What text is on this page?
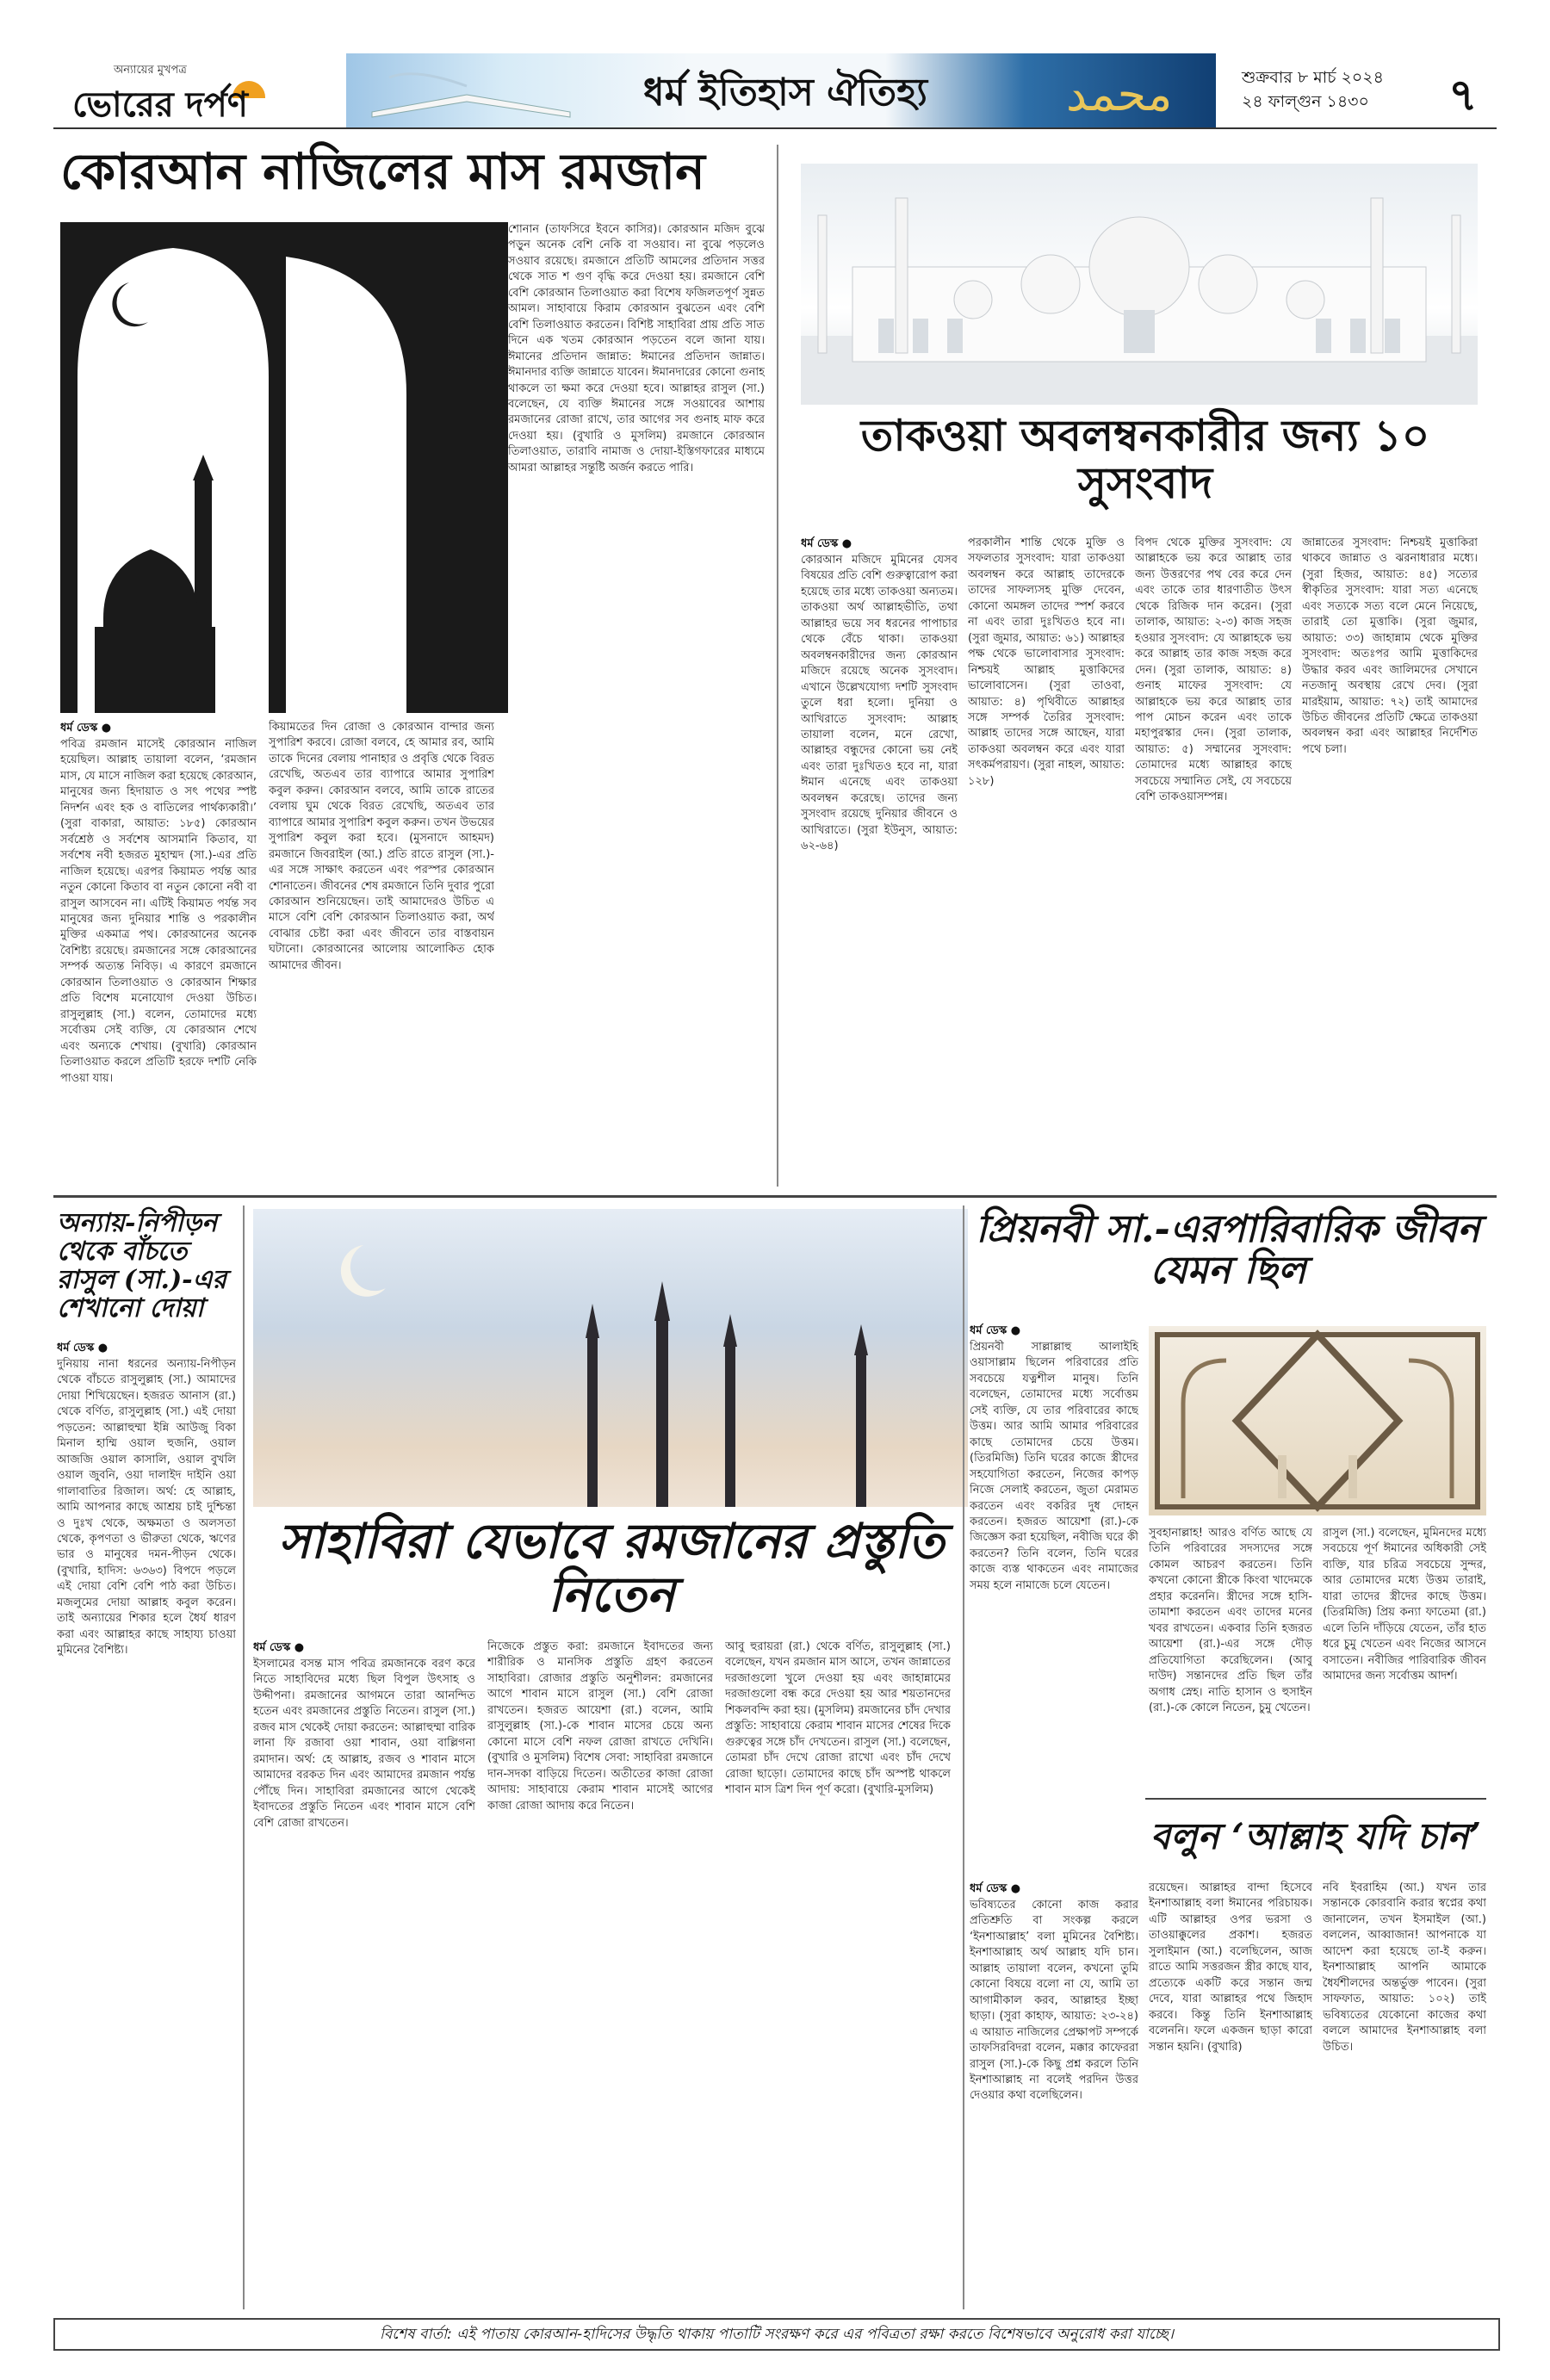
অন্যায়ের মুখপত্র
ভোরের দর্পণ	ধর্ম ইতিহাস ঐতিহ্য	محمد	শুক্রবার ৮ মার্চ ২০২৪
২৪ ফাল্গুন ১৪৩০ ৭
কোরআন নাজিলের মাস রমজান
ধর্ম ডেস্ক ●
পবিত্র রমজান মাসেই কোরআন নাজিল হয়েছিল। আল্লাহ তায়ালা বলেন, ‘রমজান মাস, যে মাসে নাজিল করা হয়েছে কোরআন, মানুষের জন্য হিদায়াত ও সৎ পথের স্পষ্ট নিদর্শন এবং হক ও বাতিলের পার্থক্যকারী।’ (সুরা বাকারা, আয়াত: ১৮৫) কোরআন সর্বশ্রেষ্ঠ ও সর্বশেষ আসমানি কিতাব, যা সর্বশেষ নবী হজরত মুহাম্মদ (সা.)-এর প্রতি নাজিল হয়েছে। এরপর কিয়ামত পর্যন্ত আর নতুন কোনো কিতাব বা নতুন কোনো নবী বা রাসুল আসবেন না। এটিই কিয়ামত পর্যন্ত সব মানুষের জন্য দুনিয়ার শান্তি ও পরকালীন মুক্তির একমাত্র পথ। কোরআনের অনেক বৈশিষ্ট্য রয়েছে। রমজানের সঙ্গে কোরআনের সম্পর্ক অত্যন্ত নিবিড়। এ কারণে রমজানে কোরআন তিলাওয়াত ও কোরআন শিক্ষার প্রতি বিশেষ মনোযোগ দেওয়া উচিত। রাসুলুল্লাহ (সা.) বলেন, তোমাদের মধ্যে সর্বোত্তম সেই ব্যক্তি, যে কোরআন শেখে এবং অন্যকে শেখায়। (বুখারি) কোরআন তিলাওয়াত করলে প্রতিটি হরফে দশটি নেকি পাওয়া যায়।
কিয়ামতের দিন রোজা ও কোরআন বান্দার জন্য সুপারিশ করবে। রোজা বলবে, হে আমার রব, আমি তাকে দিনের বেলায় পানাহার ও প্রবৃত্তি থেকে বিরত রেখেছি, অতএব তার ব্যাপারে আমার সুপারিশ কবুল করুন। কোরআন বলবে, আমি তাকে রাতের বেলায় ঘুম থেকে বিরত রেখেছি, অতএব তার ব্যাপারে আমার সুপারিশ কবুল করুন। তখন উভয়ের সুপারিশ কবুল করা হবে। (মুসনাদে আহমদ) রমজানে জিবরাইল (আ.) প্রতি রাতে রাসুল (সা.)-এর সঙ্গে সাক্ষাৎ করতেন এবং পরস্পর কোরআন শোনাতেন। জীবনের শেষ রমজানে তিনি দুবার পুরো কোরআন শুনিয়েছেন। তাই আমাদেরও উচিত এ মাসে বেশি বেশি কোরআন তিলাওয়াত করা, অর্থ বোঝার চেষ্টা করা এবং জীবনে তার বাস্তবায়ন ঘটানো। কোরআনের আলোয় আলোকিত হোক আমাদের জীবন।
শোনান (তাফসিরে ইবনে কাসির)। কোরআন মজিদ বুঝে পড়ুন অনেক বেশি নেকি বা সওয়াব। না বুঝে পড়লেও সওয়াব রয়েছে। রমজানে প্রতিটি আমলের প্রতিদান সত্তর থেকে সাত শ গুণ বৃদ্ধি করে দেওয়া হয়। রমজানে বেশি বেশি কোরআন তিলাওয়াত করা বিশেষ ফজিলতপূর্ণ সুন্নত আমল। সাহাবায়ে কিরাম কোরআন বুঝতেন এবং বেশি বেশি তিলাওয়াত করতেন। বিশিষ্ট সাহাবিরা প্রায় প্রতি সাত দিনে এক খতম কোরআন পড়তেন বলে জানা যায়। ঈমানের প্রতিদান জান্নাত: ঈমানের প্রতিদান জান্নাত। ঈমানদার ব্যক্তি জান্নাতে যাবেন। ঈমানদারের কোনো গুনাহ থাকলে তা ক্ষমা করে দেওয়া হবে। আল্লাহর রাসুল (সা.) বলেছেন, যে ব্যক্তি ঈমানের সঙ্গে সওয়াবের আশায় রমজানের রোজা রাখে, তার আগের সব গুনাহ মাফ করে দেওয়া হয়। (বুখারি ও মুসলিম) রমজানে কোরআন তিলাওয়াত, তারাবি নামাজ ও দোয়া-ইস্তিগফারের মাধ্যমে আমরা আল্লাহর সন্তুষ্টি অর্জন করতে পারি।
তাকওয়া অবলম্বনকারীর জন্য ১০ সুসংবাদ
ধর্ম ডেস্ক ●
কোরআন মজিদে মুমিনের যেসব বিষয়ের প্রতি বেশি গুরুত্বারোপ করা হয়েছে তার মধ্যে তাকওয়া অন্যতম। তাকওয়া অর্থ আল্লাহভীতি, তথা আল্লাহর ভয়ে সব ধরনের পাপাচার থেকে বেঁচে থাকা। তাকওয়া অবলম্বনকারীদের জন্য কোরআন মজিদে রয়েছে অনেক সুসংবাদ। এখানে উল্লেখযোগ্য দশটি সুসংবাদ তুলে ধরা হলো। দুনিয়া ও আখিরাতে সুসংবাদ: আল্লাহ তায়ালা বলেন, মনে রেখো, আল্লাহর বন্ধুদের কোনো ভয় নেই এবং তারা দুঃখিতও হবে না, যারা ঈমান এনেছে এবং তাকওয়া অবলম্বন করেছে। তাদের জন্য সুসংবাদ রয়েছে দুনিয়ার জীবনে ও আখিরাতে। (সুরা ইউনুস, আয়াত: ৬২-৬৪)
পরকালীন শান্তি থেকে মুক্তি ও সফলতার সুসংবাদ: যারা তাকওয়া অবলম্বন করে আল্লাহ তাদেরকে তাদের সাফল্যসহ মুক্তি দেবেন, কোনো অমঙ্গল তাদের স্পর্শ করবে না এবং তারা দুঃখিতও হবে না। (সুরা জুমার, আয়াত: ৬১) আল্লাহর পক্ষ থেকে ভালোবাসার সুসংবাদ: নিশ্চয়ই আল্লাহ মুত্তাকিদের ভালোবাসেন। (সুরা তাওবা, আয়াত: ৪) পৃথিবীতে আল্লাহর সঙ্গে সম্পর্ক তৈরির সুসংবাদ: আল্লাহ তাদের সঙ্গে আছেন, যারা তাকওয়া অবলম্বন করে এবং যারা সৎকর্মপরায়ণ। (সুরা নাহল, আয়াত: ১২৮)
বিপদ থেকে মুক্তির সুসংবাদ: যে আল্লাহকে ভয় করে আল্লাহ তার জন্য উত্তরণের পথ বের করে দেন এবং তাকে তার ধারণাতীত উৎস থেকে রিজিক দান করেন। (সুরা তালাক, আয়াত: ২-৩) কাজ সহজ হওয়ার সুসংবাদ: যে আল্লাহকে ভয় করে আল্লাহ তার কাজ সহজ করে দেন। (সুরা তালাক, আয়াত: ৪) গুনাহ মাফের সুসংবাদ: যে আল্লাহকে ভয় করে আল্লাহ তার পাপ মোচন করেন এবং তাকে মহাপুরস্কার দেন। (সুরা তালাক, আয়াত: ৫) সম্মানের সুসংবাদ: তোমাদের মধ্যে আল্লাহর কাছে সবচেয়ে সম্মানিত সেই, যে সবচেয়ে বেশি তাকওয়াসম্পন্ন।
জান্নাতের সুসংবাদ: নিশ্চয়ই মুত্তাকিরা থাকবে জান্নাত ও ঝরনাধারার মধ্যে। (সুরা হিজর, আয়াত: ৪৫) সত্যের স্বীকৃতির সুসংবাদ: যারা সত্য এনেছে এবং সত্যকে সত্য বলে মেনে নিয়েছে, তারাই তো মুত্তাকি। (সুরা জুমার, আয়াত: ৩৩) জাহান্নাম থেকে মুক্তির সুসংবাদ: অতঃপর আমি মুত্তাকিদের উদ্ধার করব এবং জালিমদের সেখানে নতজানু অবস্থায় রেখে দেব। (সুরা মারইয়াম, আয়াত: ৭২) তাই আমাদের উচিত জীবনের প্রতিটি ক্ষেত্রে তাকওয়া অবলম্বন করা এবং আল্লাহর নির্দেশিত পথে চলা।
অন্যায়-নিপীড়ন থেকে বাঁচতে রাসুল (সা.)-এর শেখানো দোয়া
ধর্ম ডেস্ক ●
দুনিয়ায় নানা ধরনের অন্যায়-নিপীড়ন থেকে বাঁচতে রাসুলুল্লাহ (সা.) আমাদের দোয়া শিখিয়েছেন। হজরত আনাস (রা.) থেকে বর্ণিত, রাসুলুল্লাহ (সা.) এই দোয়া পড়তেন: আল্লাহুম্মা ইন্নি আউজু বিকা মিনাল হাম্মি ওয়াল হুজনি, ওয়াল আজজি ওয়াল কাসালি, ওয়াল বুখলি ওয়াল জুবনি, ওয়া দালাইদ দাইনি ওয়া গালাবাতির রিজাল। অর্থ: হে আল্লাহ, আমি আপনার কাছে আশ্রয় চাই দুশ্চিন্তা ও দুঃখ থেকে, অক্ষমতা ও অলসতা থেকে, কৃপণতা ও ভীরুতা থেকে, ঋণের ভার ও মানুষের দমন-পীড়ন থেকে। (বুখারি, হাদিস: ৬৩৬৩) বিপদে পড়লে এই দোয়া বেশি বেশি পাঠ করা উচিত। মজলুমের দোয়া আল্লাহ কবুল করেন। তাই অন্যায়ের শিকার হলে ধৈর্য ধারণ করা এবং আল্লাহর কাছে সাহায্য চাওয়া মুমিনের বৈশিষ্ট্য।
সাহাবিরা যেভাবে রমজানের প্রস্তুতি নিতেন
ধর্ম ডেস্ক ●
ইসলামের বসন্ত মাস পবিত্র রমজানকে বরণ করে নিতে সাহাবিদের মধ্যে ছিল বিপুল উৎসাহ ও উদ্দীপনা। রমজানের আগমনে তারা আনন্দিত হতেন এবং রমজানের প্রস্তুতি নিতেন। রাসুল (সা.) রজব মাস থেকেই দোয়া করতেন: আল্লাহুম্মা বারিক লানা ফি রজাবা ওয়া শাবান, ওয়া বাল্লিগনা রমাদান। অর্থ: হে আল্লাহ, রজব ও শাবান মাসে আমাদের বরকত দিন এবং আমাদের রমজান পর্যন্ত পৌঁছে দিন। সাহাবিরা রমজানের আগে থেকেই ইবাদতের প্রস্তুতি নিতেন এবং শাবান মাসে বেশি বেশি রোজা রাখতেন।
নিজেকে প্রস্তুত করা: রমজানে ইবাদতের জন্য শারীরিক ও মানসিক প্রস্তুতি গ্রহণ করতেন সাহাবিরা। রোজার প্রস্তুতি অনুশীলন: রমজানের আগে শাবান মাসে রাসুল (সা.) বেশি রোজা রাখতেন। হজরত আয়েশা (রা.) বলেন, আমি রাসুলুল্লাহ (সা.)-কে শাবান মাসের চেয়ে অন্য কোনো মাসে বেশি নফল রোজা রাখতে দেখিনি। (বুখারি ও মুসলিম) বিশেষ সেবা: সাহাবিরা রমজানে দান-সদকা বাড়িয়ে দিতেন। অতীতের কাজা রোজা আদায়: সাহাবায়ে কেরাম শাবান মাসেই আগের কাজা রোজা আদায় করে নিতেন।
আবু হুরায়রা (রা.) থেকে বর্ণিত, রাসুলুল্লাহ (সা.) বলেছেন, যখন রমজান মাস আসে, তখন জান্নাতের দরজাগুলো খুলে দেওয়া হয় এবং জাহান্নামের দরজাগুলো বন্ধ করে দেওয়া হয় আর শয়তানদের শিকলবন্দি করা হয়। (মুসলিম) রমজানের চাঁদ দেখার প্রস্তুতি: সাহাবায়ে কেরাম শাবান মাসের শেষের দিকে গুরুত্বের সঙ্গে চাঁদ দেখতেন। রাসুল (সা.) বলেছেন, তোমরা চাঁদ দেখে রোজা রাখো এবং চাঁদ দেখে রোজা ছাড়ো। তোমাদের কাছে চাঁদ অস্পষ্ট থাকলে শাবান মাস ত্রিশ দিন পূর্ণ করো। (বুখারি-মুসলিম)
প্রিয়নবী সা.-এরপারিবারিক জীবন যেমন ছিল
ধর্ম ডেস্ক ●
প্রিয়নবী সাল্লাল্লাহু আলাইহি ওয়াসাল্লাম ছিলেন পরিবারের প্রতি সবচেয়ে যত্নশীল মানুষ। তিনি বলেছেন, তোমাদের মধ্যে সর্বোত্তম সেই ব্যক্তি, যে তার পরিবারের কাছে উত্তম। আর আমি আমার পরিবারের কাছে তোমাদের চেয়ে উত্তম। (তিরমিজি) তিনি ঘরের কাজে স্ত্রীদের সহযোগিতা করতেন, নিজের কাপড় নিজে সেলাই করতেন, জুতা মেরামত করতেন এবং বকরির দুধ দোহন করতেন। হজরত আয়েশা (রা.)-কে জিজ্ঞেস করা হয়েছিল, নবীজি ঘরে কী করতেন? তিনি বলেন, তিনি ঘরের কাজে ব্যস্ত থাকতেন এবং নামাজের সময় হলে নামাজে চলে যেতেন।
সুবহানাল্লাহ! আরও বর্ণিত আছে যে তিনি পরিবারের সদস্যদের সঙ্গে কোমল আচরণ করতেন। তিনি কখনো কোনো স্ত্রীকে কিংবা খাদেমকে প্রহার করেননি। স্ত্রীদের সঙ্গে হাসি-তামাশা করতেন এবং তাদের মনের খবর রাখতেন। একবার তিনি হজরত আয়েশা (রা.)-এর সঙ্গে দৌড় প্রতিযোগিতা করেছিলেন। (আবু দাউদ) সন্তানদের প্রতি ছিল তাঁর অগাধ স্নেহ। নাতি হাসান ও হুসাইন (রা.)-কে কোলে নিতেন, চুমু খেতেন।
রাসুল (সা.) বলেছেন, মুমিনদের মধ্যে সবচেয়ে পূর্ণ ঈমানের অধিকারী সেই ব্যক্তি, যার চরিত্র সবচেয়ে সুন্দর, আর তোমাদের মধ্যে উত্তম তারাই, যারা তাদের স্ত্রীদের কাছে উত্তম। (তিরমিজি) প্রিয় কন্যা ফাতেমা (রা.) এলে তিনি দাঁড়িয়ে যেতেন, তাঁর হাত ধরে চুমু খেতেন এবং নিজের আসনে বসাতেন। নবীজির পারিবারিক জীবন আমাদের জন্য সর্বোত্তম আদর্শ।
বলুন ‘আল্লাহ যদি চান’
ধর্ম ডেস্ক ●
ভবিষ্যতের কোনো কাজ করার প্রতিশ্রুতি বা সংকল্প করলে ‘ইনশাআল্লাহ’ বলা মুমিনের বৈশিষ্ট্য। ইনশাআল্লাহ অর্থ আল্লাহ যদি চান। আল্লাহ তায়ালা বলেন, কখনো তুমি কোনো বিষয়ে বলো না যে, আমি তা আগামীকাল করব, আল্লাহর ইচ্ছা ছাড়া। (সুরা কাহাফ, আয়াত: ২৩-২৪) এ আয়াত নাজিলের প্রেক্ষাপট সম্পর্কে তাফসিরবিদরা বলেন, মক্কার কাফেররা রাসুল (সা.)-কে কিছু প্রশ্ন করলে তিনি ইনশাআল্লাহ না বলেই পরদিন উত্তর দেওয়ার কথা বলেছিলেন।
রয়েছেন। আল্লাহর বান্দা হিসেবে ইনশাআল্লাহ বলা ঈমানের পরিচায়ক। এটি আল্লাহর ওপর ভরসা ও তাওয়াক্কুলের প্রকাশ। হজরত সুলাইমান (আ.) বলেছিলেন, আজ রাতে আমি সত্তরজন স্ত্রীর কাছে যাব, প্রত্যেকে একটি করে সন্তান জন্ম দেবে, যারা আল্লাহর পথে জিহাদ করবে। কিন্তু তিনি ইনশাআল্লাহ বলেননি। ফলে একজন ছাড়া কারো সন্তান হয়নি। (বুখারি)
নবি ইবরাহিম (আ.) যখন তার সন্তানকে কোরবানি করার স্বপ্নের কথা জানালেন, তখন ইসমাইল (আ.) বললেন, আব্বাজান! আপনাকে যা আদেশ করা হয়েছে তা-ই করুন। ইনশাআল্লাহ আপনি আমাকে ধৈর্যশীলদের অন্তর্ভুক্ত পাবেন। (সুরা সাফফাত, আয়াত: ১০২) তাই ভবিষ্যতের যেকোনো কাজের কথা বললে আমাদের ইনশাআল্লাহ বলা উচিত।
বিশেষ বার্তা: এই পাতায় কোরআন-হাদিসের উদ্ধৃতি থাকায় পাতাটি সংরক্ষণ করে এর পবিত্রতা রক্ষা করতে বিশেষভাবে অনুরোধ করা যাচ্ছে।
